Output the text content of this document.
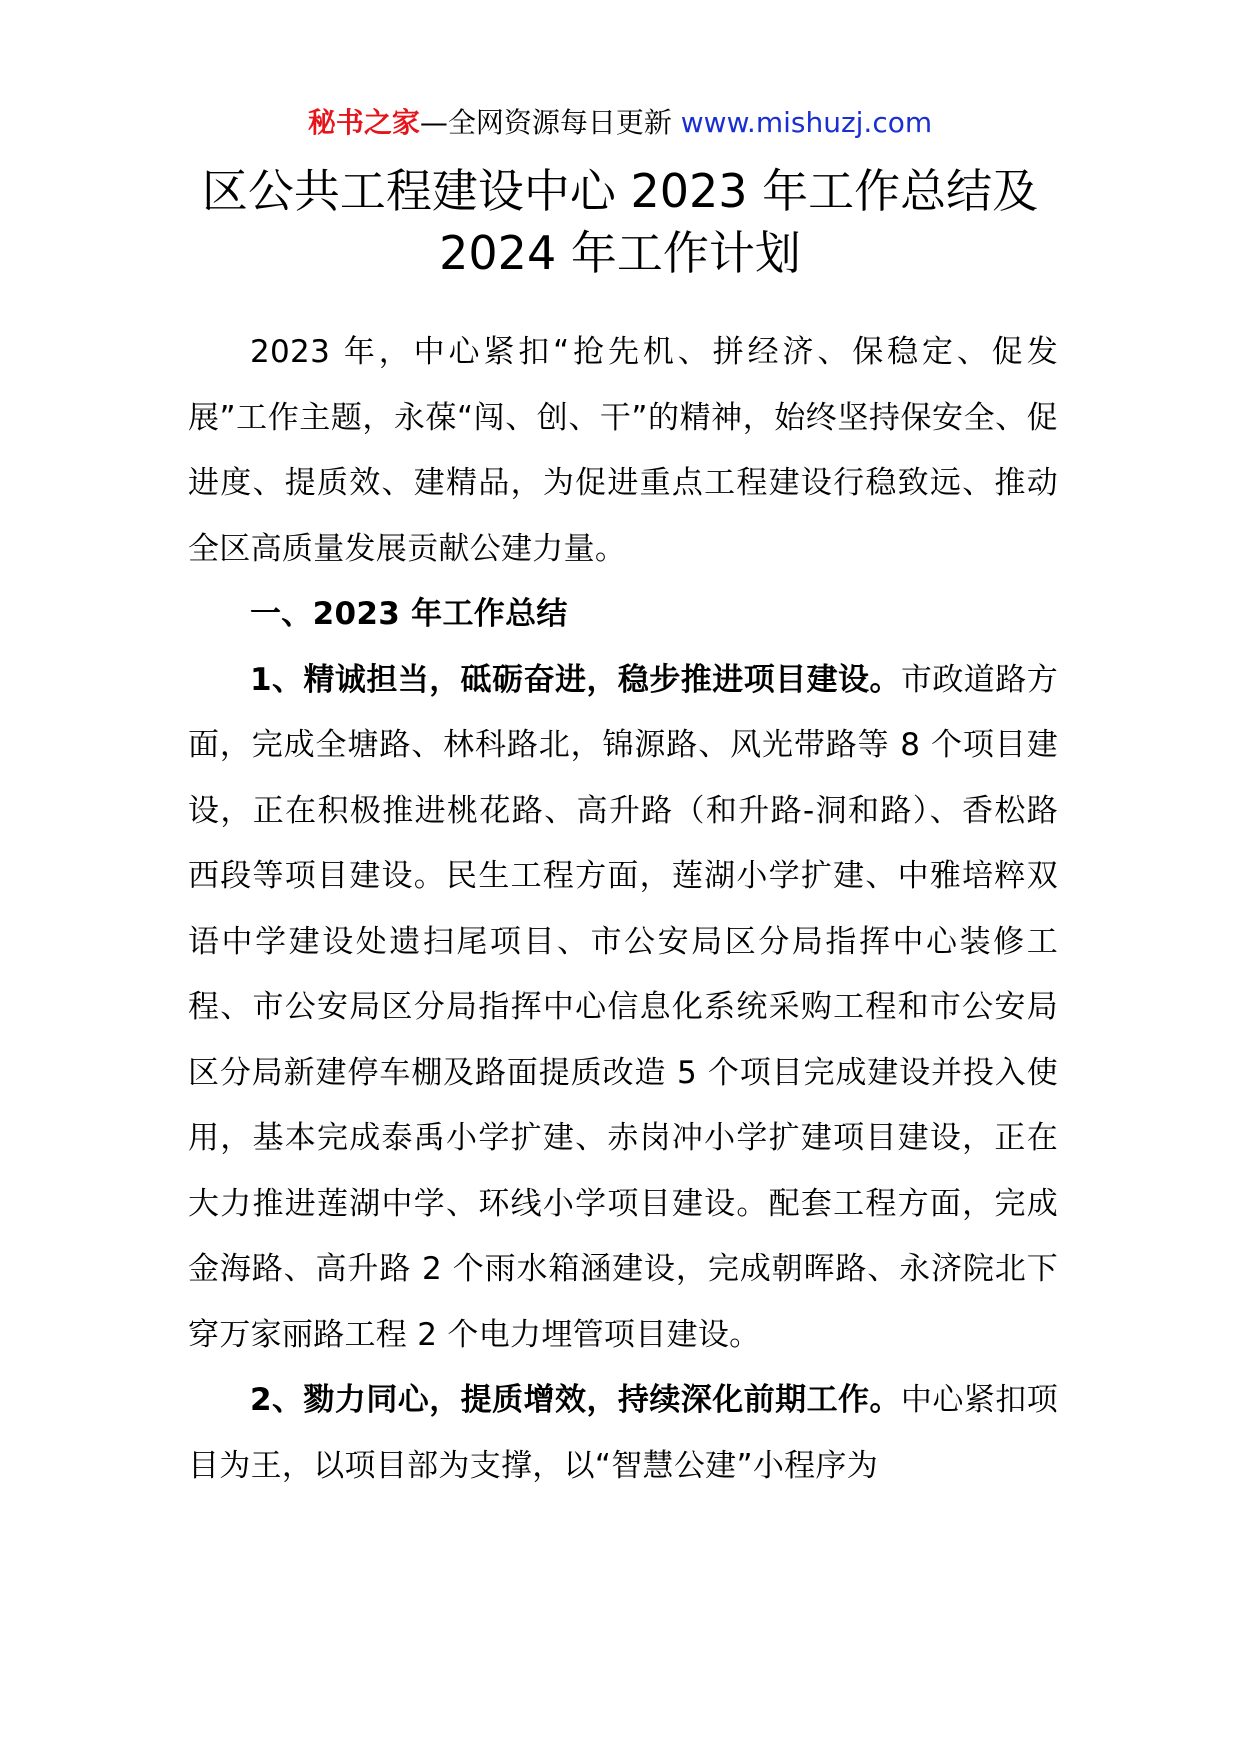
秘书之家—全网资源每日更新 www.mishuzj.com
区公共工程建设中心 2023 年工作总结及
2024 年工作计划

2023 年，中心紧扣“抢先机、拼经济、保稳定、促发展”工作主题，永葆“闯、创、干”的精神，始终坚持保安全、促进度、提质效、建精品，为促进重点工程建设行稳致远、推动全区高质量发展贡献公建力量。

一、2023 年工作总结

1、精诚担当，砥砺奋进，稳步推进项目建设。市政道路方面，完成全塘路、林科路北，锦源路、风光带路等 8 个项目建设，正在积极推进桃花路、高升路（和升路-洞和路）、香松路西段等项目建设。民生工程方面，莲湖小学扩建、中雅培粹双语中学建设处遗扫尾项目、市公安局区分局指挥中心装修工程、市公安局区分局指挥中心信息化系统采购工程和市公安局区分局新建停车棚及路面提质改造 5 个项目完成建设并投入使用，基本完成泰禹小学扩建、赤岗冲小学扩建项目建设，正在大力推进莲湖中学、环线小学项目建设。配套工程方面，完成金海路、高升路 2 个雨水箱涵建设，完成朝晖路、永济院北下穿万家丽路工程 2 个电力埋管项目建设。

2、勠力同心，提质增效，持续深化前期工作。中心紧扣项目为王，以项目部为支撑，以“智慧公建”小程序为
